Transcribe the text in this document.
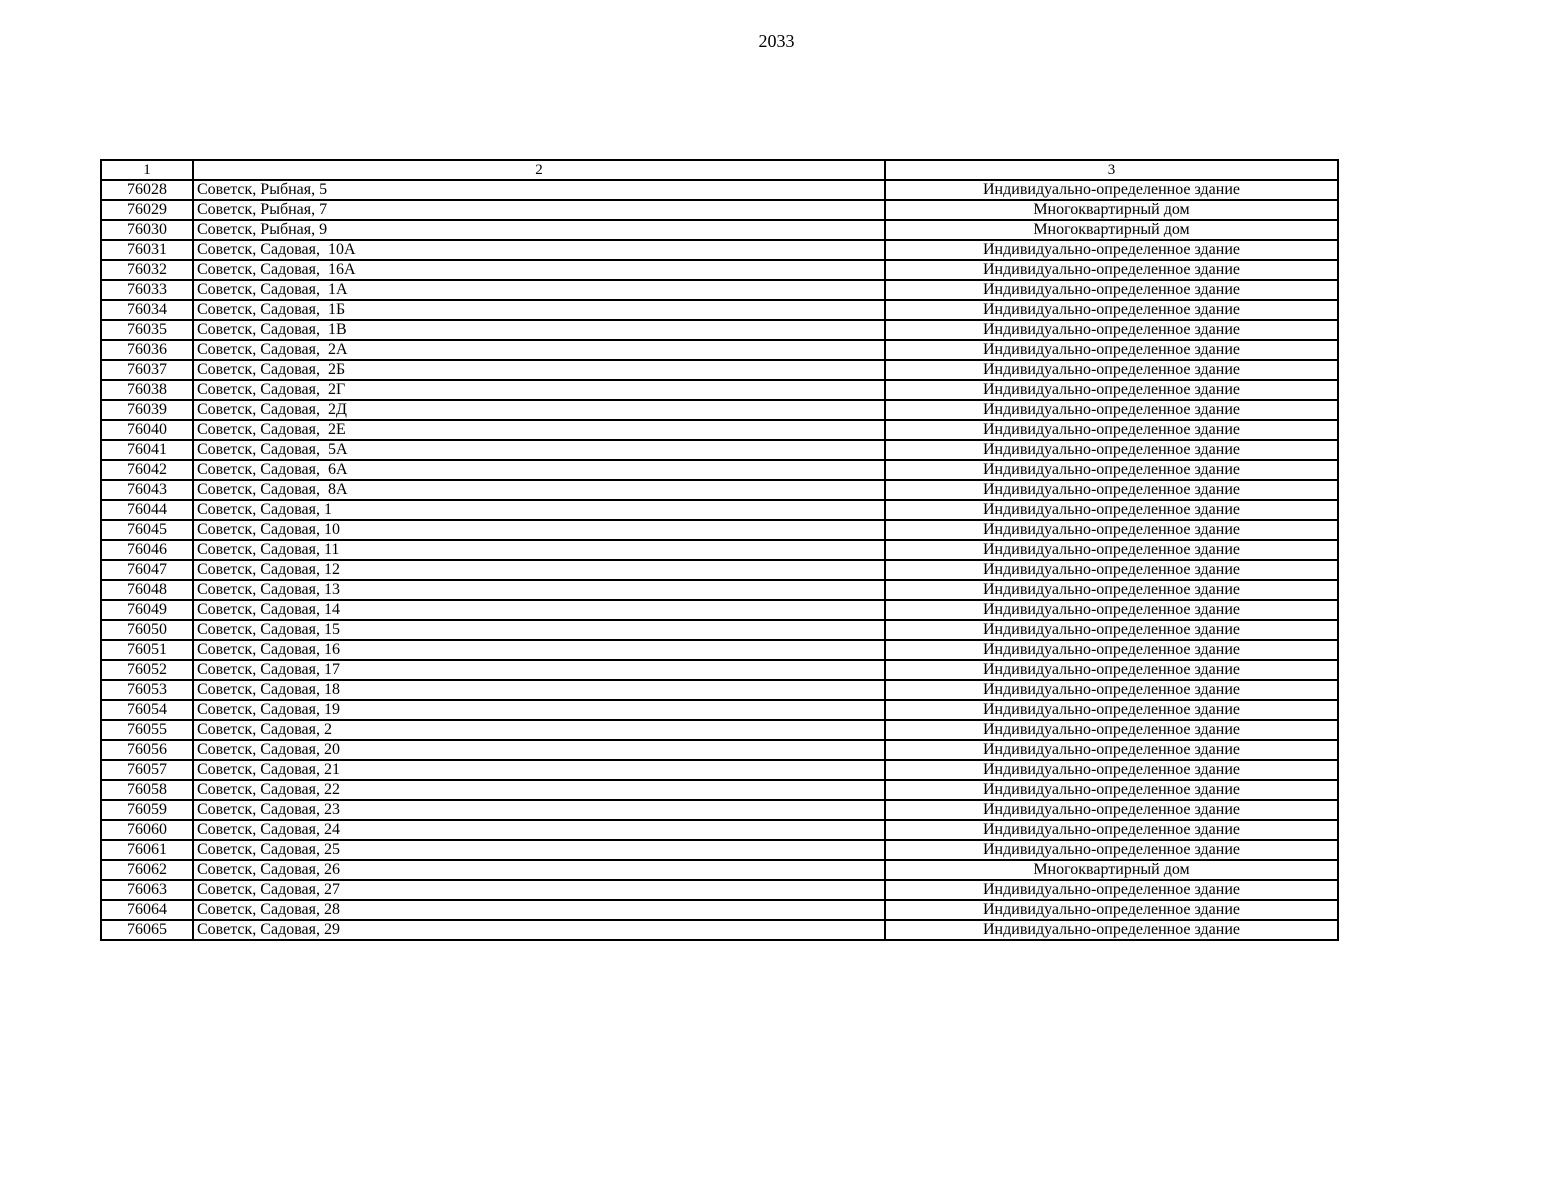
2033
1	2	3
76028	Советск, Рыбная, 5	Индивидуально-определенное здание
76029	Советск, Рыбная, 7	Многоквартирный дом
76030	Советск, Рыбная, 9	Многоквартирный дом
76031	Советск, Садовая,  10А	Индивидуально-определенное здание
76032	Советск, Садовая,  16А	Индивидуально-определенное здание
76033	Советск, Садовая,  1А	Индивидуально-определенное здание
76034	Советск, Садовая,  1Б	Индивидуально-определенное здание
76035	Советск, Садовая,  1В	Индивидуально-определенное здание
76036	Советск, Садовая,  2А	Индивидуально-определенное здание
76037	Советск, Садовая,  2Б	Индивидуально-определенное здание
76038	Советск, Садовая,  2Г	Индивидуально-определенное здание
76039	Советск, Садовая,  2Д	Индивидуально-определенное здание
76040	Советск, Садовая,  2Е	Индивидуально-определенное здание
76041	Советск, Садовая,  5А	Индивидуально-определенное здание
76042	Советск, Садовая,  6А	Индивидуально-определенное здание
76043	Советск, Садовая,  8А	Индивидуально-определенное здание
76044	Советск, Садовая, 1	Индивидуально-определенное здание
76045	Советск, Садовая, 10	Индивидуально-определенное здание
76046	Советск, Садовая, 11	Индивидуально-определенное здание
76047	Советск, Садовая, 12	Индивидуально-определенное здание
76048	Советск, Садовая, 13	Индивидуально-определенное здание
76049	Советск, Садовая, 14	Индивидуально-определенное здание
76050	Советск, Садовая, 15	Индивидуально-определенное здание
76051	Советск, Садовая, 16	Индивидуально-определенное здание
76052	Советск, Садовая, 17	Индивидуально-определенное здание
76053	Советск, Садовая, 18	Индивидуально-определенное здание
76054	Советск, Садовая, 19	Индивидуально-определенное здание
76055	Советск, Садовая, 2	Индивидуально-определенное здание
76056	Советск, Садовая, 20	Индивидуально-определенное здание
76057	Советск, Садовая, 21	Индивидуально-определенное здание
76058	Советск, Садовая, 22	Индивидуально-определенное здание
76059	Советск, Садовая, 23	Индивидуально-определенное здание
76060	Советск, Садовая, 24	Индивидуально-определенное здание
76061	Советск, Садовая, 25	Индивидуально-определенное здание
76062	Советск, Садовая, 26	Многоквартирный дом
76063	Советск, Садовая, 27	Индивидуально-определенное здание
76064	Советск, Садовая, 28	Индивидуально-определенное здание
76065	Советск, Садовая, 29	Индивидуально-определенное здание
